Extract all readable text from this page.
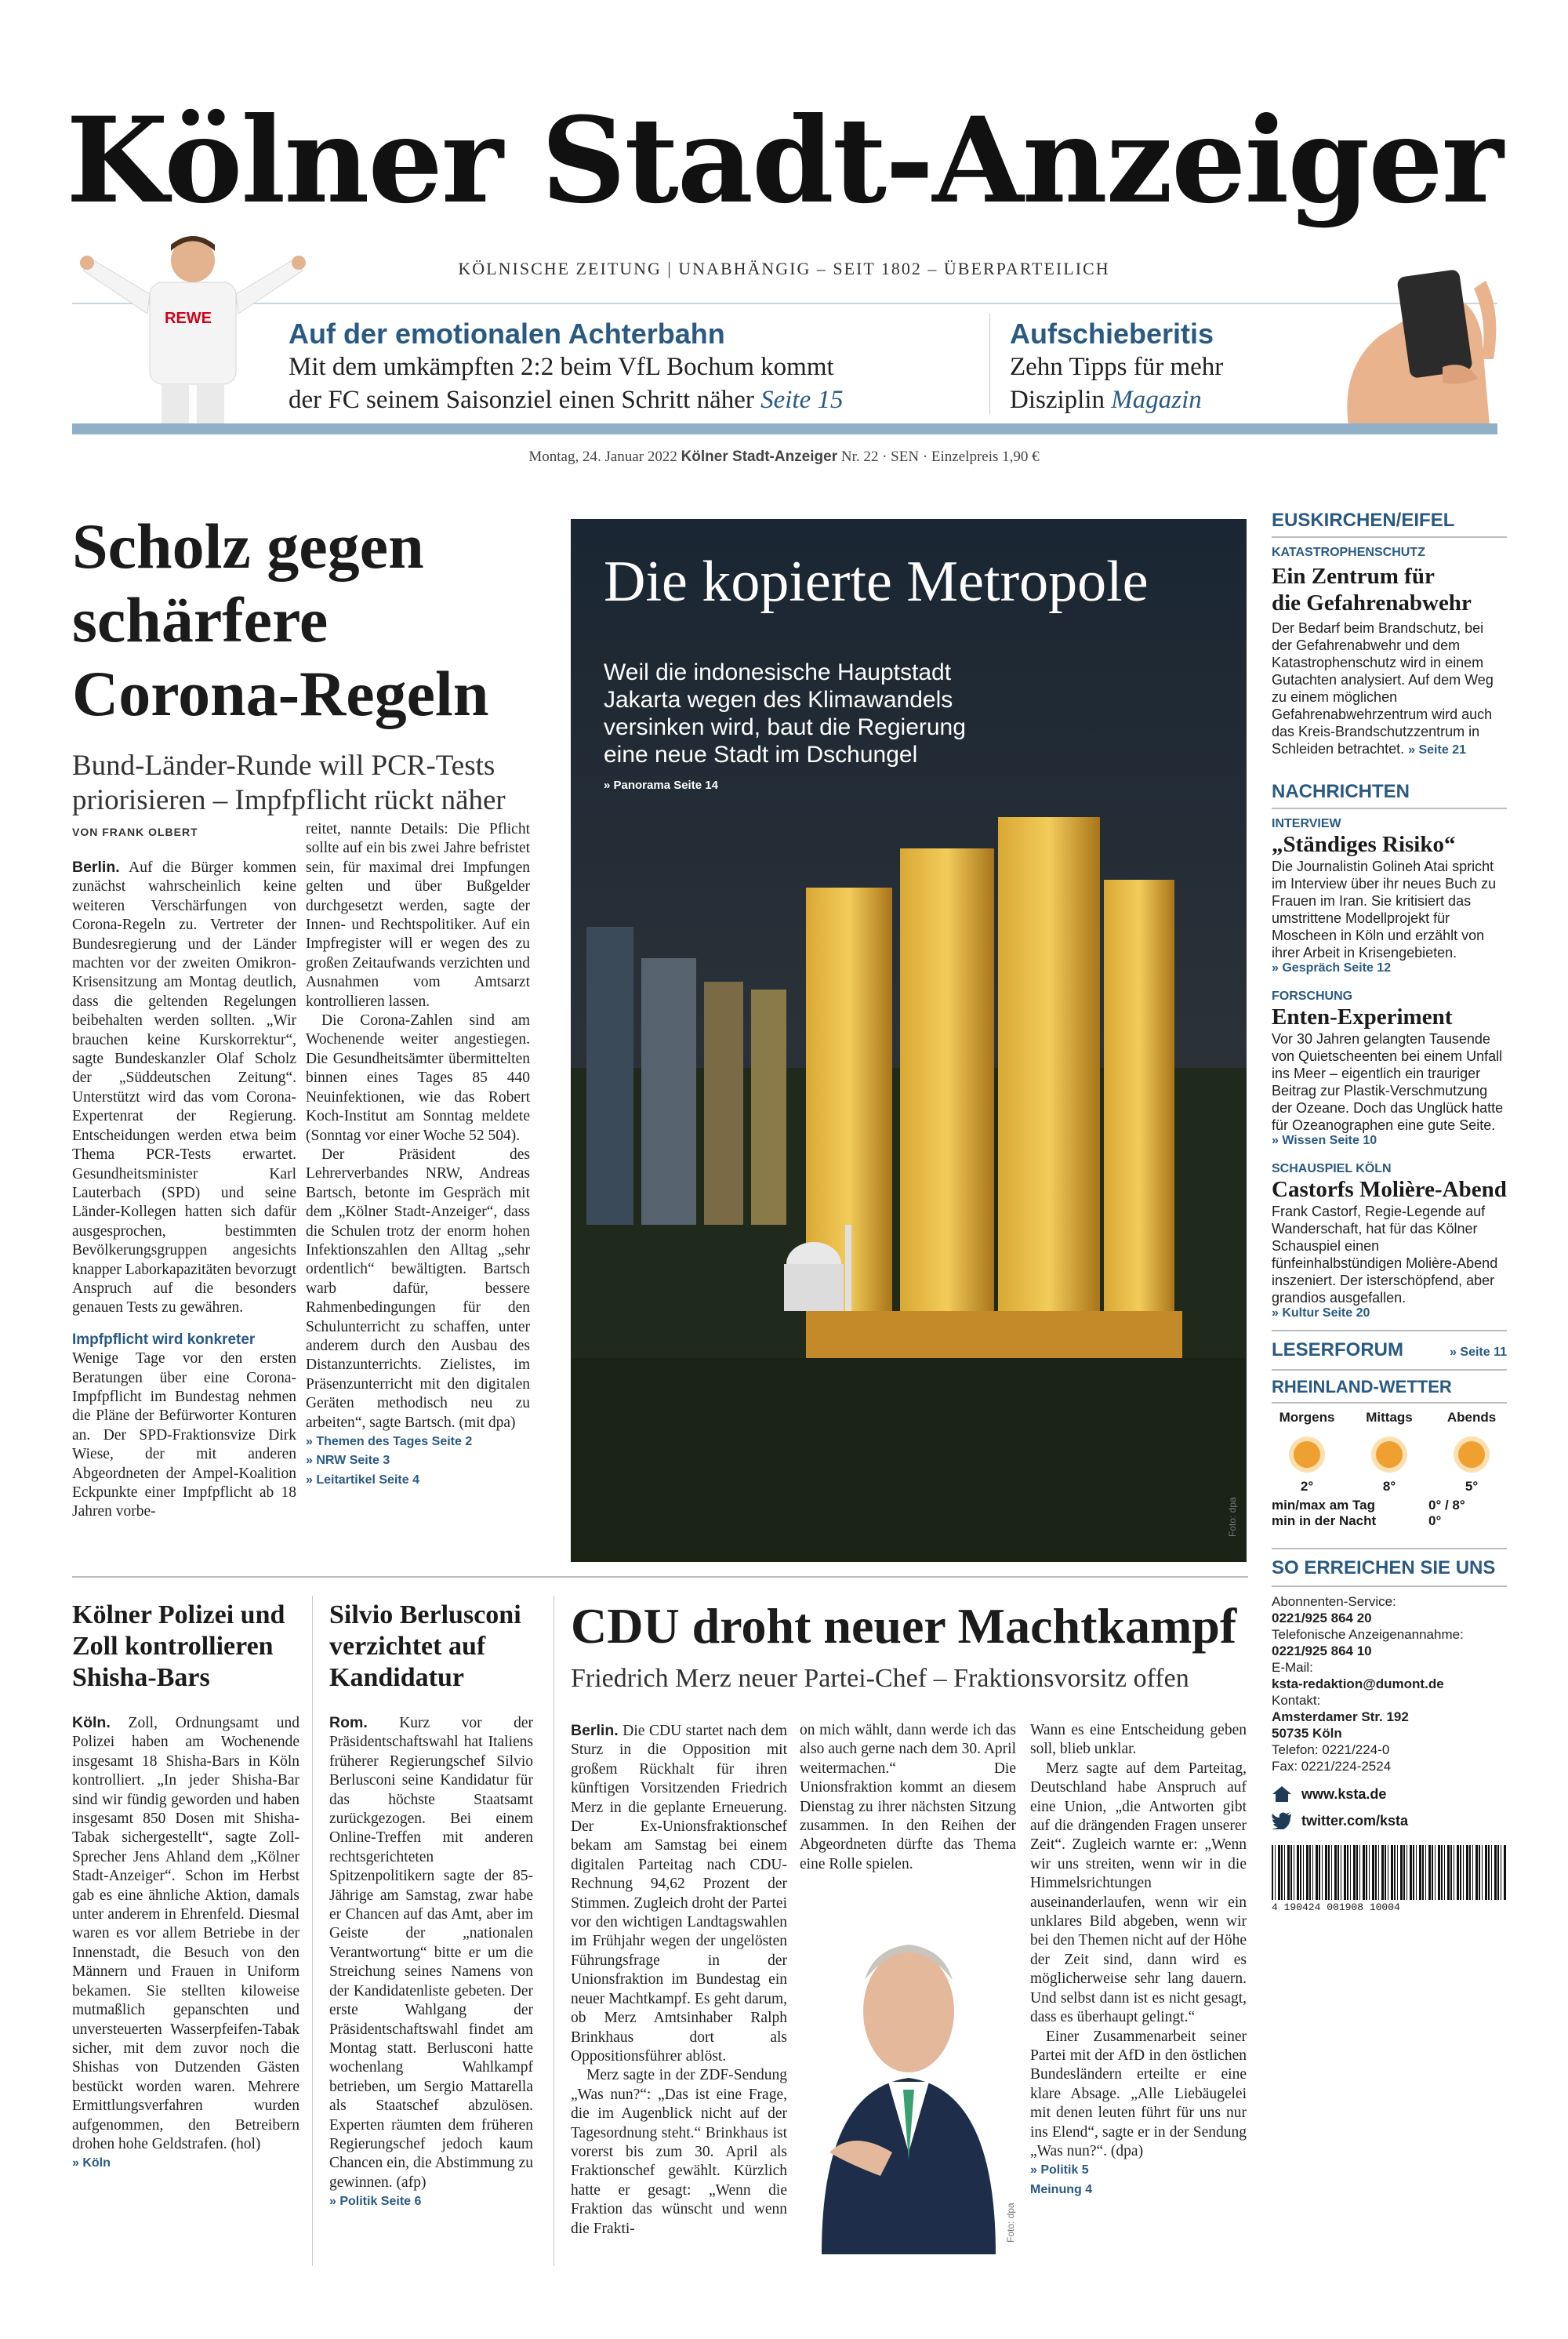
Kölner Stadt-Anzeiger
KÖLNISCHE ZEITUNG | UNABHÄNGIG – SEIT 1802 – ÜBERPARTEILICH
REWE	Auf der emotionalen Achterbahn
Mit dem umkämpften 2:2 beim VfL Bochum kommt
der FC seinem Saisonziel einen Schritt näher Seite 15
Aufschieberitis
Zehn Tipps für mehr
Disziplin Magazin
Montag, 24. Januar 2022 Kölner Stadt-Anzeiger Nr. 22 · SEN · Einzelpreis 1,90 €
Scholz gegen
schärfere
Corona-Regeln
Bund-Länder-Runde will PCR-Tests
priorisieren – Impfpflicht rückt näher
VON FRANK OLBERT

Berlin. Auf die Bürger kommen zunächst wahrscheinlich keine weiteren Verschärfungen von Corona-Regeln zu. Vertreter der Bundesregierung und der Länder machten vor der zweiten Omikron-Krisensitzung am Montag deutlich, dass die geltenden Regelungen beibehalten werden sollten. „Wir brauchen keine Kurskorrektur“, sagte Bundeskanzler Olaf Scholz der „Süddeutschen Zeitung“. Unterstützt wird das vom Corona-Expertenrat der Regierung. Entscheidungen werden etwa beim Thema PCR-Tests erwartet. Gesundheitsminister Karl Lauterbach (SPD) und seine Länder-Kollegen hatten sich dafür ausgesprochen, bestimmten Bevölkerungsgruppen angesichts knapper Laborkapazitäten bevorzugt Anspruch auf die besonders genauen Tests zu gewähren.

Impfpflicht wird konkreter

Wenige Tage vor den ersten Beratungen über eine Corona-Impfpflicht im Bundestag nehmen die Pläne der Befürworter Konturen an. Der SPD-Fraktionsvize Dirk Wiese, der mit anderen Abgeordneten der Ampel-Koalition Eckpunkte einer Impfpflicht ab 18 Jahren vorbe-

reitet, nannte Details: Die Pflicht sollte auf ein bis zwei Jahre befristet sein, für maximal drei Impfungen gelten und über Bußgelder durchgesetzt werden, sagte der Innen- und Rechtspolitiker. Auf ein Impfregister will er wegen des zu großen Zeitaufwands verzichten und Ausnahmen vom Amtsarzt kontrollieren lassen.

Die Corona-Zahlen sind am Wochenende weiter angestiegen. Die Gesundheitsämter übermittelten binnen eines Tages 85 440 Neuinfektionen, wie das Robert Koch-Institut am Sonntag meldete (Sonntag vor einer Woche 52 504).

Der Präsident des Lehrerverbandes NRW, Andreas Bartsch, betonte im Gespräch mit dem „Kölner Stadt-Anzeiger“, dass die Schulen trotz der enorm hohen Infektionszahlen den Alltag „sehr ordentlich“ bewältigten. Bartsch warb dafür, bessere Rahmenbedingungen für den Schulunterricht zu schaffen, unter anderem durch den Ausbau des Distanzunterrichts. Zielistes, im Präsenzunterricht mit den digitalen Geräten methodisch neu zu arbeiten“, sagte Bartsch. (mit dpa)

» Themen des Tages Seite 2
» NRW Seite 3
» Leitartikel Seite 4
Die kopierte Metropole
Weil die indonesische Hauptstadt
Jakarta wegen des Klimawandels
versinken wird, baut die Regierung
eine neue Stadt im Dschungel
» Panorama Seite 14
Foto: dpa
Kölner Polizei und
Zoll kontrollieren
Shisha-Bars

Köln. Zoll, Ordnungsamt und Polizei haben am Wochenende insgesamt 18 Shisha-Bars in Köln kontrolliert. „In jeder Shisha-Bar sind wir fündig geworden und haben insgesamt 850 Dosen mit Shisha-Tabak sichergestellt“, sagte Zoll-Sprecher Jens Ahland dem „Kölner Stadt-Anzeiger“. Schon im Herbst gab es eine ähnliche Aktion, damals unter anderem in Ehrenfeld. Diesmal waren es vor allem Betriebe in der Innenstadt, die Besuch von den Männern und Frauen in Uniform bekamen. Sie stellten kiloweise mutmaßlich gepanschten und unversteuerten Wasserpfeifen-Tabak sicher, mit dem zuvor noch die Shishas von Dutzenden Gästen bestückt worden waren. Mehrere Ermittlungsverfahren wurden aufgenommen, den Betreibern drohen hohe Geldstrafen. (hol)

» Köln
Silvio Berlusconi
verzichtet auf
Kandidatur

Rom. Kurz vor der Präsidentschaftswahl hat Italiens früherer Regierungschef Silvio Berlusconi seine Kandidatur für das höchste Staatsamt zurückgezogen. Bei einem Online-Treffen mit anderen rechtsgerichteten Spitzenpolitikern sagte der 85-Jährige am Samstag, zwar habe er Chancen auf das Amt, aber im Geiste der „nationalen Verantwortung“ bitte er um die Streichung seines Namens von der Kandidatenliste gebeten. Der erste Wahlgang der Präsidentschaftswahl findet am Montag statt. Berlusconi hatte wochenlang Wahlkampf betrieben, um Sergio Mattarella als Staatschef abzulösen. Experten räumten dem früheren Regierungschef jedoch kaum Chancen ein, die Abstimmung zu gewinnen. (afp)

» Politik Seite 6
CDU droht neuer Machtkampf
Friedrich Merz neuer Partei-Chef – Fraktionsvorsitz offen

Berlin. Die CDU startet nach dem Sturz in die Opposition mit großem Rückhalt für ihren künftigen Vorsitzenden Friedrich Merz in die geplante Erneuerung. Der Ex-Unionsfraktionschef bekam am Samstag bei einem digitalen Parteitag nach CDU-Rechnung 94,62 Prozent der Stimmen. Zugleich droht der Partei vor den wichtigen Landtagswahlen im Frühjahr wegen der ungelösten Führungsfrage in der Unionsfraktion im Bundestag ein neuer Machtkampf. Es geht darum, ob Merz Amtsinhaber Ralph Brinkhaus dort als Oppositionsführer ablöst.

Merz sagte in der ZDF-Sendung „Was nun?“: „Das ist eine Frage, die im Augenblick nicht auf der Tagesordnung steht.“ Brinkhaus ist vorerst bis zum 30. April als Fraktionschef gewählt. Kürzlich hatte er gesagt: „Wenn die Fraktion das wünscht und wenn die Frakti-

on mich wählt, dann werde ich das also auch gerne nach dem 30. April weitermachen.“ Die Unionsfraktion kommt an diesem Dienstag zu ihrer nächsten Sitzung zusammen. In den Reihen der Abgeordneten dürfte das Thema eine Rolle spielen.

Foto: dpa

Wann es eine Entscheidung geben soll, blieb unklar.

Merz sagte auf dem Parteitag, Deutschland habe Anspruch auf eine Union, „die Antworten gibt auf die drängenden Fragen unserer Zeit“. Zugleich warnte er: „Wenn wir uns streiten, wenn wir in die Himmelsrichtungen auseinanderlaufen, wenn wir ein unklares Bild abgeben, wenn wir bei den Themen nicht auf der Höhe der Zeit sind, dann wird es möglicherweise sehr lang dauern. Und selbst dann ist es nicht gesagt, dass es überhaupt gelingt.“

Einer Zusammenarbeit seiner Partei mit der AfD in den östlichen Bundesländern erteilte er eine klare Absage. „Alle Liebäugelei mit denen leuten führt für uns nur ins Elend“, sagte er in der Sendung „Was nun?“. (dpa)

» Politik 5
Meinung 4
EUSKIRCHEN/EIFEL
KATASTROPHENSCHUTZ
Ein Zentrum für
die Gefahrenabwehr
Der Bedarf beim Brandschutz, bei der Gefahrenabwehr und dem Katastrophenschutz wird in einem Gutachten analysiert. Auf dem Weg zu einem möglichen Gefahrenabwehrzentrum wird auch das Kreis-Brandschutzzentrum in Schleiden betrachtet. » Seite 21
NACHRICHTEN
INTERVIEW
„Ständiges Risiko“
Die Journalistin Golineh Atai spricht im Interview über ihr neues Buch zu Frauen im Iran. Sie kritisiert das umstrittene Modellprojekt für Moscheen in Köln und erzählt von ihrer Arbeit in Krisengebieten.
» Gespräch Seite 12
FORSCHUNG
Enten-Experiment
Vor 30 Jahren gelangten Tausende von Quietscheenten bei einem Unfall ins Meer – eigentlich ein trauriger Beitrag zur Plastik-Verschmutzung der Ozeane. Doch das Unglück hatte für Ozeanographen eine gute Seite.
» Wissen Seite 10
SCHAUSPIEL KÖLN
Castorfs Molière-Abend
Frank Castorf, Regie-Legende auf Wanderschaft, hat für das Kölner Schauspiel einen fünfeinhalbstündigen Molière-Abend inszeniert. Der isterschöpfend, aber grandios ausgefallen.
» Kultur Seite 20
LESERFORUM	» Seite 11
RHEINLAND-WETTER
Morgens
2°
Mittags
8°
Abends
5°
min/max am Tag	0° / 8°
min in der Nacht	0°
SO ERREICHEN SIE UNS
Abonnenten-Service:
0221/925 864 20
Telefonische Anzeigenannahme:
0221/925 864 10
E-Mail:
ksta-redaktion@dumont.de
Kontakt:
Amsterdamer Str. 192
50735 Köln
Telefon: 0221/224-0
Fax: 0221/224-2524
www.ksta.de
twitter.com/ksta
4 190424 001908 10004
